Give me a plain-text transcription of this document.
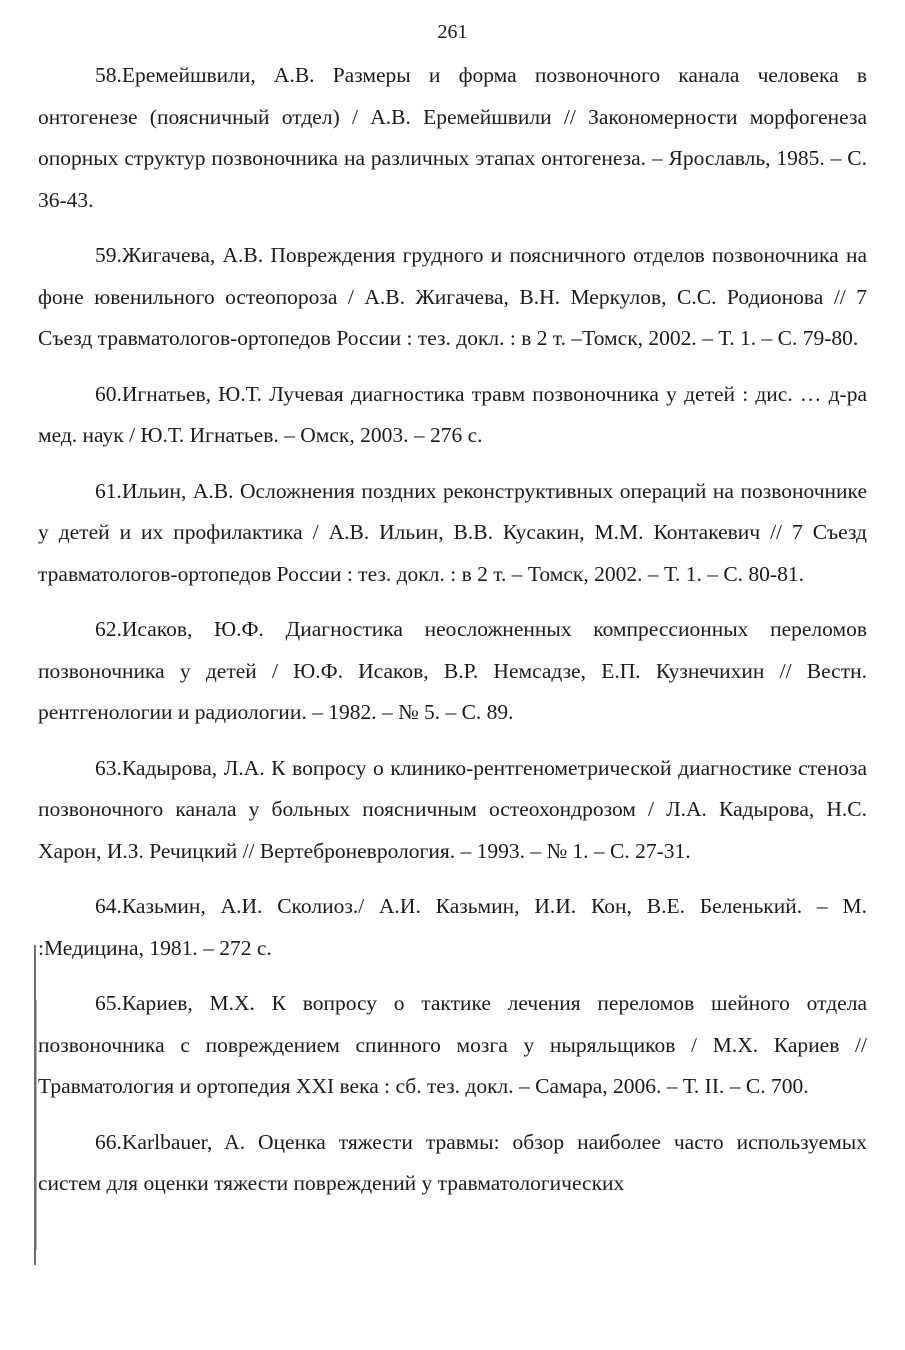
261

58.Еремейшвили, А.В. Размеры и форма позвоночного канала человека в онтогенезе (поясничный отдел) / А.В. Еремейшвили // Закономерности морфогенеза опорных структур позвоночника на различных этапах онтогенеза. – Ярославль, 1985. – С. 36-43.

59.Жигачева, А.В. Повреждения грудного и поясничного отделов позвоночника на фоне ювенильного остеопороза / А.В. Жигачева, В.Н. Меркулов, С.С. Родионова // 7 Съезд травматологов-ортопедов России : тез. докл. : в 2 т. –Томск, 2002. – Т. 1. – С. 79-80.

60.Игнатьев, Ю.Т. Лучевая диагностика травм позвоночника у детей : дис. … д-ра мед. наук / Ю.Т. Игнатьев. – Омск, 2003. – 276 с.

61.Ильин, А.В. Осложнения поздних реконструктивных операций на позвоночнике у детей и их профилактика / А.В. Ильин, В.В. Кусакин, М.М. Контакевич // 7 Съезд травматологов-ортопедов России : тез. докл. : в 2 т. – Томск, 2002. – Т. 1. – С. 80-81.

62.Исаков, Ю.Ф. Диагностика неосложненных компрессионных переломов позвоночника у детей / Ю.Ф. Исаков, В.Р. Немсадзе, Е.П. Кузнечихин // Вестн. рентгенологии и радиологии. – 1982. – № 5. – С. 89.

63.Кадырова, Л.А. К вопросу о клинико-рентгенометрической диагностике стеноза позвоночного канала у больных поясничным остеохондрозом / Л.А. Кадырова, Н.С. Харон, И.З. Речицкий // Вертеброневрология. – 1993. – № 1. – С. 27-31.

64.Казьмин, А.И. Сколиоз./ А.И. Казьмин, И.И. Кон, В.Е. Беленький. – М. :Медицина, 1981. – 272 с.

65.Кариев, М.Х. К вопросу о тактике лечения переломов шейного отдела позвоночника с повреждением спинного мозга у ныряльщиков / М.Х. Кариев // Травматология и ортопедия XXI века : сб. тез. докл. – Самара, 2006. – Т. II. – С. 700.

66.Karlbauer, A. Оценка тяжести травмы: обзор наиболее часто используемых систем для оценки тяжести повреждений у травматологических
